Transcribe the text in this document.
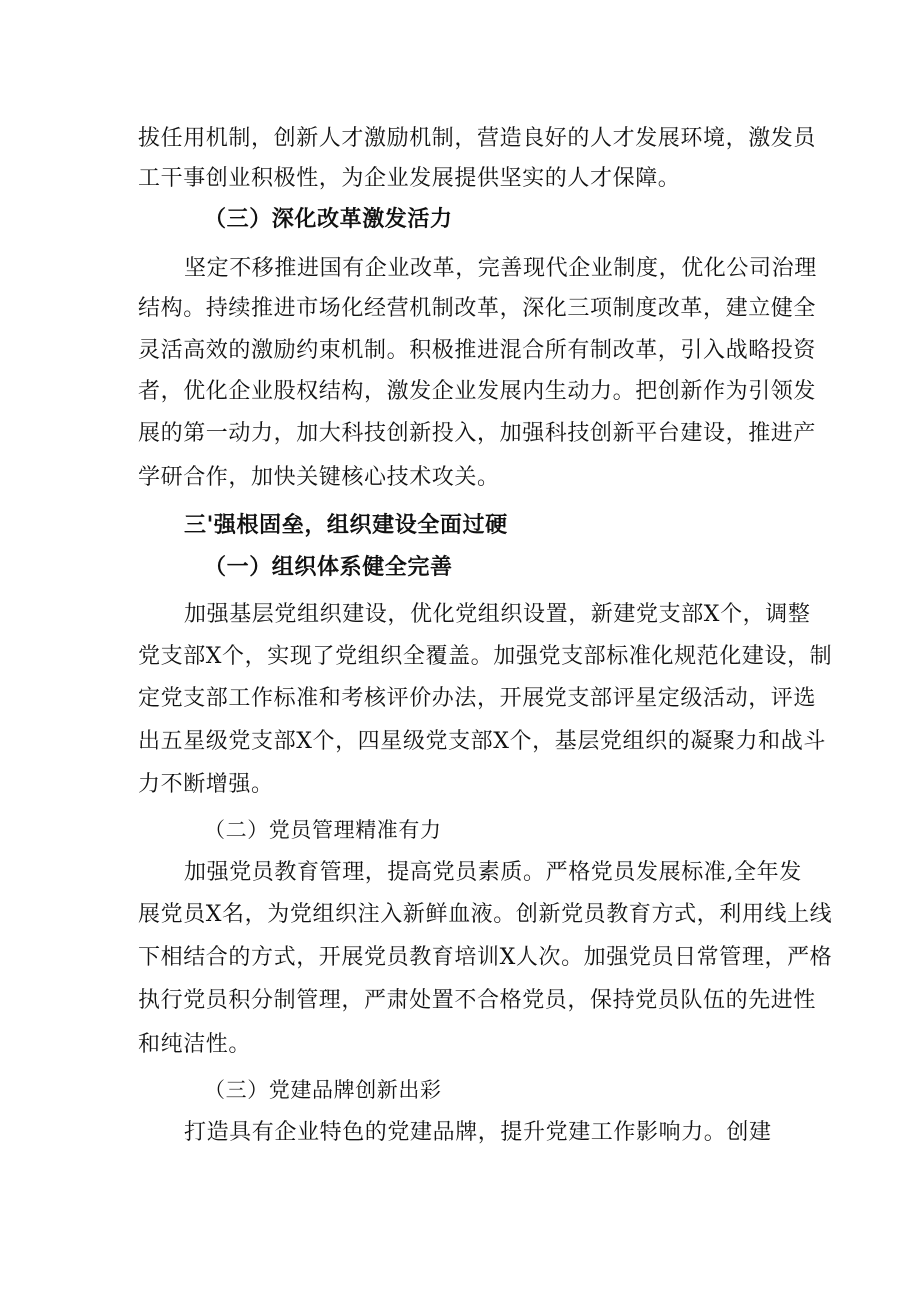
拔任用机制，创新人才激励机制，营造良好的人才发展环境，激发员
工干事创业积极性，为企业发展提供坚实的人才保障。
（三）深化改革激发活力
坚定不移推进国有企业改革，完善现代企业制度，优化公司治理
结构。持续推进市场化经营机制改革，深化三项制度改革，建立健全
灵活高效的激励约束机制。积极推进混合所有制改革，引入战略投资
者，优化企业股权结构，激发企业发展内生动力。把创新作为引领发
展的第一动力，加大科技创新投入，加强科技创新平台建设，推进产
学研合作，加快关键核心技术攻关。
三'强根固垒，组织建设全面过硬
（一）组织体系健全完善
加强基层党组织建设，优化党组织设置，新建党支部X个，调整
党支部X个，实现了党组织全覆盖。加强党支部标准化规范化建设，制
定党支部工作标准和考核评价办法，开展党支部评星定级活动，评选
出五星级党支部X个，四星级党支部X个，基层党组织的凝聚力和战斗
力不断增强。
（二）党员管理精准有力
加强党员教育管理，提高党员素质。严格党员发展标准,全年发
展党员X名，为党组织注入新鲜血液。创新党员教育方式，利用线上线
下相结合的方式，开展党员教育培训X人次。加强党员日常管理，严格
执行党员积分制管理，严肃处置不合格党员，保持党员队伍的先进性
和纯洁性。
（三）党建品牌创新出彩
打造具有企业特色的党建品牌，提升党建工作影响力。创建
